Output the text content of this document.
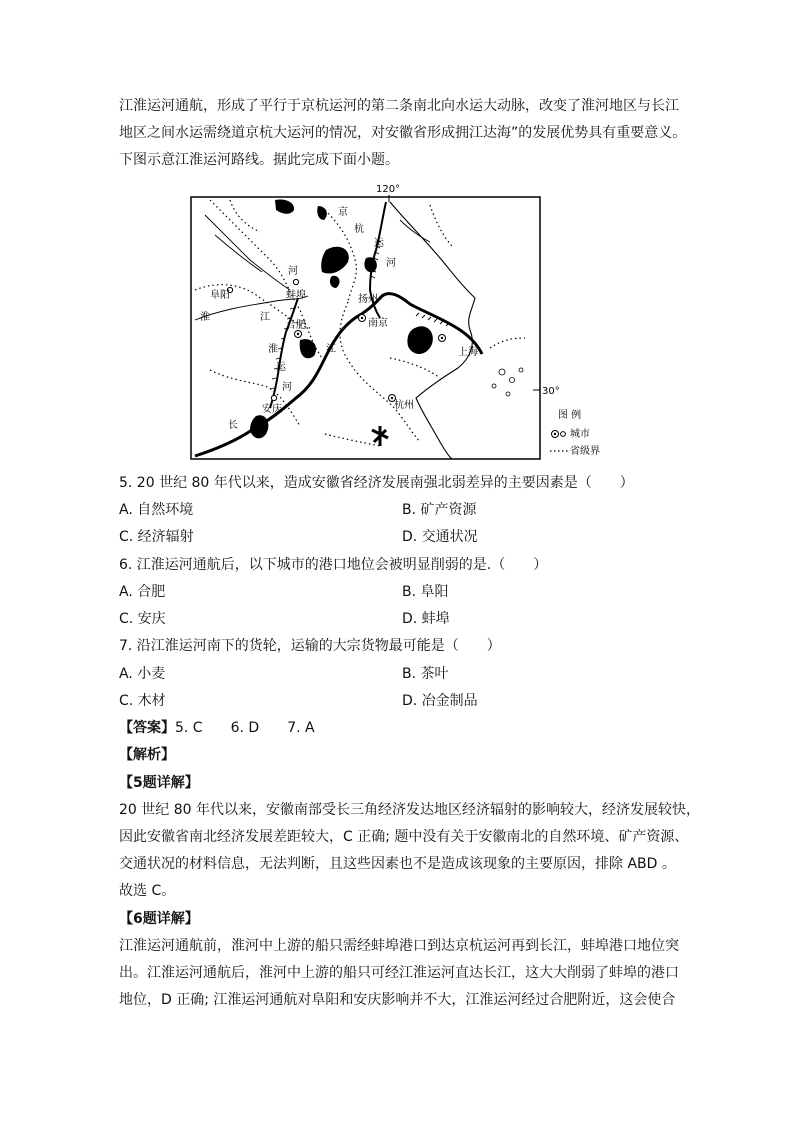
江淮运河通航，形成了平行于京杭运河的第二条南北向水运大动脉，改变了淮河地区与长江
地区之间水运需绕道京杭大运河的情况，对安徽省形成拥江达海”的发展优势具有重要意义。
下图示意江淮运河路线。据此完成下面小题。
120°
30°
京
杭
运
河
河
阜阳	蚌埠
淮	江
合肥
淮
运
河
江
安庆
长
扬州
南京
上海
杭州
图 例
城市
省级界
5. 20 世纪 80 年代以来，造成安徽省经济发展南强北弱差异的主要因素是（　　）
A. 自然环境	B. 矿产资源
C. 经济辐射	D. 交通状况
6. 江淮运河通航后，以下城市的港口地位会被明显削弱的是.（　　）
A. 合肥	B. 阜阳
C. 安庆	D. 蚌埠
7. 沿江淮运河南下的货轮，运输的大宗货物最可能是（　　）
A. 小麦	B. 茶叶
C. 木材	D. 冶金制品
【答案】5. C 6. D 7. A
【解析】
【5题详解】
20 世纪 80 年代以来，安徽南部受长三角经济发达地区经济辐射的影响较大，经济发展较快，
因此安徽省南北经济发展差距较大，C 正确; 题中没有关于安徽南北的自然环境、矿产资源、
交通状况的材料信息，无法判断，且这些因素也不是造成该现象的主要原因，排除 ABD 。
故选 C。
【6题详解】
江淮运河通航前，淮河中上游的船只需经蚌埠港口到达京杭运河再到长江，蚌埠港口地位突
出。江淮运河通航后，淮河中上游的船只可经江淮运河直达长江，这大大削弱了蚌埠的港口
地位，D 正确; 江淮运河通航对阜阳和安庆影响并不大，江淮运河经过合肥附近，这会使合
